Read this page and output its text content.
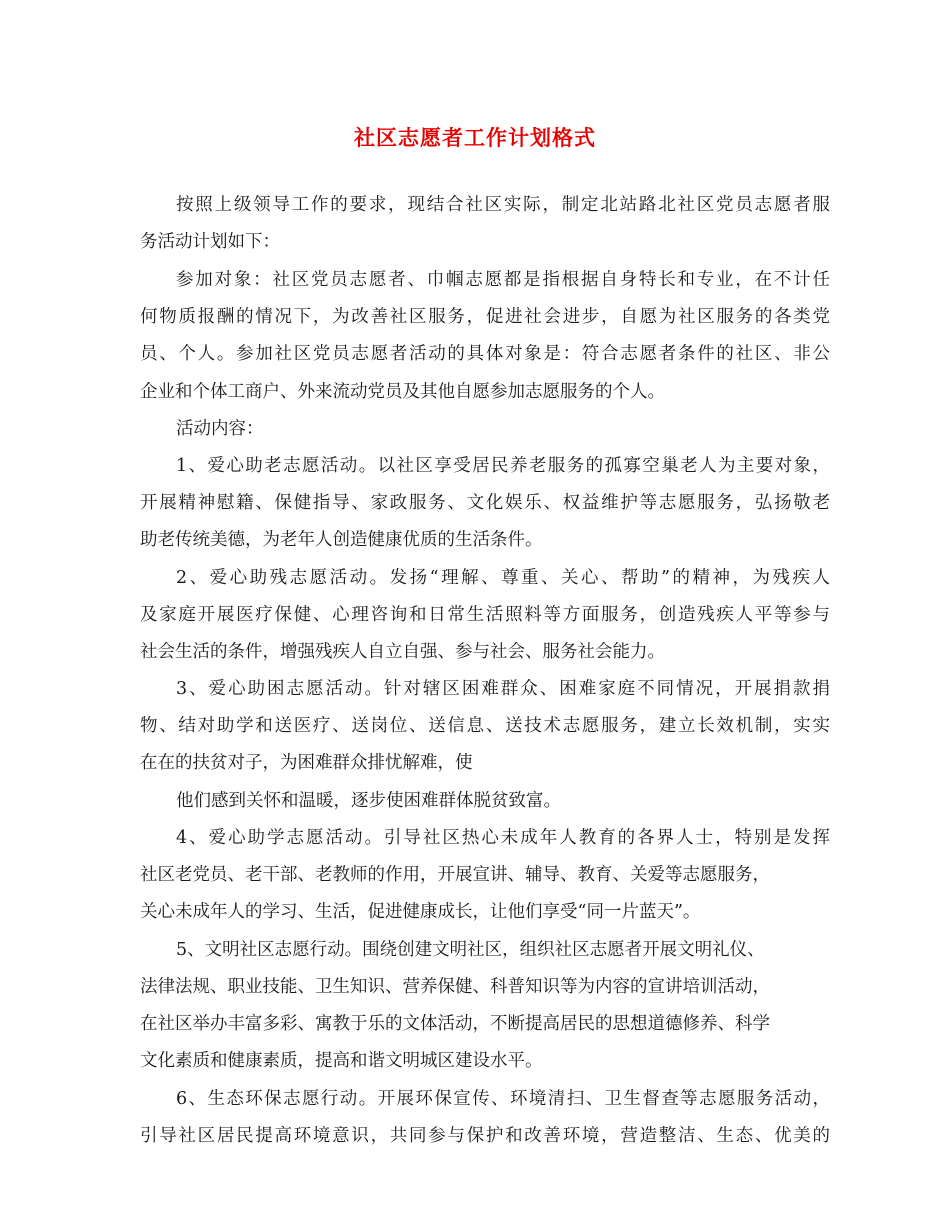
社区志愿者工作计划格式
按照上级领导工作的要求，现结合社区实际，制定北站路北社区党员志愿者服
务活动计划如下：
参加对象：社区党员志愿者、巾帼志愿都是指根据自身特长和专业，在不计任
何物质报酬的情况下，为改善社区服务，促进社会进步，自愿为社区服务的各类党
员、个人。参加社区党员志愿者活动的具体对象是：符合志愿者条件的社区、非公
企业和个体工商户、外来流动党员及其他自愿参加志愿服务的个人。
活动内容：
1、爱心助老志愿活动。以社区享受居民养老服务的孤寡空巢老人为主要对象，
开展精神慰籍、保健指导、家政服务、文化娱乐、权益维护等志愿服务，弘扬敬老
助老传统美德，为老年人创造健康优质的生活条件。
2、爱心助残志愿活动。发扬“理解、尊重、关心、帮助”的精神，为残疾人
及家庭开展医疗保健、心理咨询和日常生活照料等方面服务，创造残疾人平等参与
社会生活的条件，增强残疾人自立自强、参与社会、服务社会能力。
3、爱心助困志愿活动。针对辖区困难群众、困难家庭不同情况，开展捐款捐
物、结对助学和送医疗、送岗位、送信息、送技术志愿服务，建立长效机制，实实
在在的扶贫对子，为困难群众排忧解难，使
他们感到关怀和温暖，逐步使困难群体脱贫致富。
4、爱心助学志愿活动。引导社区热心未成年人教育的各界人士，特别是发挥
社区老党员、老干部、老教师的作用，开展宣讲、辅导、教育、关爱等志愿服务，
关心未成年人的学习、生活，促进健康成长，让他们享受“同一片蓝天”。
5、文明社区志愿行动。围绕创建文明社区，组织社区志愿者开展文明礼仪、
法律法规、职业技能、卫生知识、营养保健、科普知识等为内容的宣讲培训活动，
在社区举办丰富多彩、寓教于乐的文体活动，不断提高居民的思想道德修养、科学
文化素质和健康素质，提高和谐文明城区建设水平。
6、生态环保志愿行动。开展环保宣传、环境清扫、卫生督查等志愿服务活动，
引导社区居民提高环境意识，共同参与保护和改善环境，营造整洁、生态、优美的
